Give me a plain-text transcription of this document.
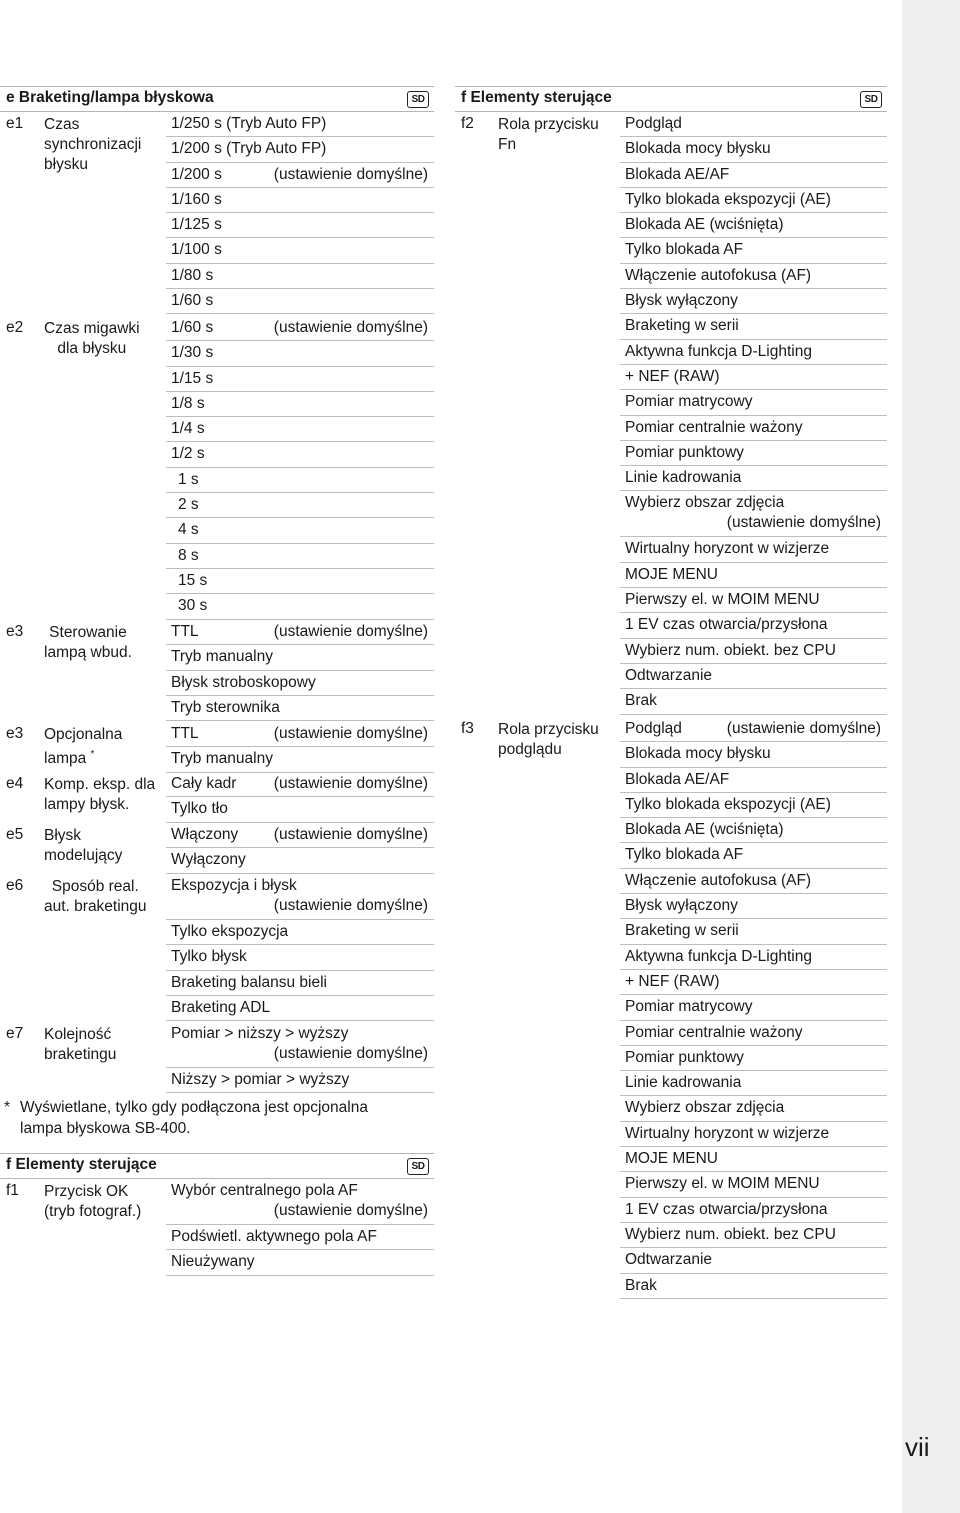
e Braketing/lampa błyskowa	SD
e1 Czas
synchronizacji
błysku
1/250 s (Tryb Auto FP)
1/200 s (Tryb Auto FP)
1/200 s	(ustawienie domyślne)
1/160 s
1/125 s
1/100 s
1/80 s
1/60 s
e2 Czas migawki
dla błysku
1/60 s	(ustawienie domyślne)
1/30 s
1/15 s
1/8 s
1/4 s
1/2 s
1 s
2 s
4 s
8 s
15 s
30 s
e3	Sterowanie
lampą wbud.
TTL	(ustawienie domyślne)
Tryb manualny
Błysk stroboskopowy
Tryb sterownika
e3 Opcjonalna
lampa *
TTL	(ustawienie domyślne)
Tryb manualny
e4 Komp. eksp. dla
lampy błysk.
Cały kadr (ustawienie domyślne)
Tylko tło
e5 Błysk
modelujący
Włączony (ustawienie domyślne)
Wyłączony
e6	Sposób real.
aut. braketingu
Ekspozycja i błysk
(ustawienie domyślne)
Tylko ekspozycja
Tylko błysk
Braketing balansu bieli
Braketing ADL
e7 Kolejność
braketingu
Pomiar > niższy > wyższy
(ustawienie domyślne)
Niższy > pomiar > wyższy
f Elementy sterujące	SD
f1 Przycisk OK
(tryb fotograf.)
Wybór centralnego pola AF
(ustawienie domyślne)
Podświetl. aktywnego pola AF
Nieużywany
f Elementy sterujące	SD
f2 Rola przycisku
Fn
Podgląd
Blokada mocy błysku
Blokada AE/AF
Tylko blokada ekspozycji (AE)
Blokada AE (wciśnięta)
Tylko blokada AF
Włączenie autofokusa (AF)
Błysk wyłączony
Braketing w serii
Aktywna funkcja D-Lighting
+ NEF (RAW)
Pomiar matrycowy
Pomiar centralnie ważony
Pomiar punktowy
Linie kadrowania
Wybierz obszar zdjęcia
(ustawienie domyślne)
Wirtualny horyzont w wizjerze
MOJE MENU
Pierwszy el. w MOIM MENU
1 EV czas otwarcia/przysłona
Wybierz num. obiekt. bez CPU
Odtwarzanie
Brak
f3 Rola przycisku
podglądu
Podgląd	(ustawienie domyślne)
Blokada mocy błysku
Blokada AE/AF
Tylko blokada ekspozycji (AE)
Blokada AE (wciśnięta)
Tylko blokada AF
Włączenie autofokusa (AF)
Błysk wyłączony
Braketing w serii
Aktywna funkcja D-Lighting
+ NEF (RAW)
Pomiar matrycowy
Pomiar centralnie ważony
Pomiar punktowy
Linie kadrowania
Wybierz obszar zdjęcia
Wirtualny horyzont w wizjerze
MOJE MENU
Pierwszy el. w MOIM MENU
1 EV czas otwarcia/przysłona
Wybierz num. obiekt. bez CPU
Odtwarzanie
Brak
* Wyświetlane, tylko gdy podłączona jest opcjonalna
lampa błyskowa SB-400.
vii
